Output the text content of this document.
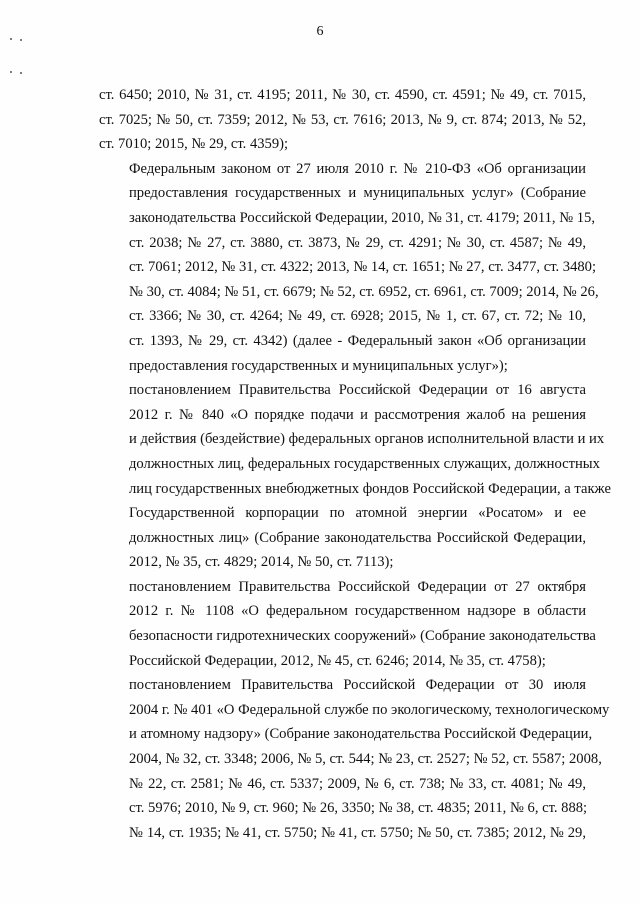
6

ст. 6450; 2010, № 31, ст. 4195; 2011, № 30, ст. 4590, ст. 4591; № 49, ст. 7015,
ст. 7025; № 50, ст. 7359; 2012, № 53, ст. 7616; 2013, № 9, ст. 874; 2013, № 52,
ст. 7010; 2015, № 29, ст. 4359);

Федеральным законом от 27 июля 2010 г. № 210-ФЗ «Об организации
предоставления государственных и муниципальных услуг» (Собрание
законодательства Российской Федерации, 2010, № 31, ст. 4179; 2011, № 15,
ст. 2038; № 27, ст. 3880, ст. 3873, № 29, ст. 4291; № 30, ст. 4587; № 49,
ст. 7061; 2012, № 31, ст. 4322; 2013, № 14, ст. 1651; № 27, ст. 3477, ст. 3480;
№ 30, ст. 4084; № 51, ст. 6679; № 52, ст. 6952, ст. 6961, ст. 7009; 2014, № 26,
ст. 3366; № 30, ст. 4264; № 49, ст. 6928; 2015, № 1, ст. 67, ст. 72; № 10,
ст. 1393, № 29, ст. 4342) (далее - Федеральный закон «Об организации
предоставления государственных и муниципальных услуг»);

постановлением Правительства Российской Федерации от 16 августа
2012 г. № 840 «О порядке подачи и рассмотрения жалоб на решения
и действия (бездействие) федеральных органов исполнительной власти и их
должностных лиц, федеральных государственных служащих, должностных
лиц государственных внебюджетных фондов Российской Федерации, а также
Государственной корпорации по атомной энергии «Росатом» и ее
должностных лиц» (Собрание законодательства Российской Федерации,
2012, № 35, ст. 4829; 2014, № 50, ст. 7113);

постановлением Правительства Российской Федерации от 27 октября
2012 г. № 1108 «О федеральном государственном надзоре в области
безопасности гидротехнических сооружений» (Собрание законодательства
Российской Федерации, 2012, № 45, ст. 6246; 2014, № 35, ст. 4758);

постановлением Правительства Российской Федерации от 30 июля
2004 г. № 401 «О Федеральной службе по экологическому, технологическому
и атомному надзору» (Собрание законодательства Российской Федерации,
2004, № 32, ст. 3348; 2006, № 5, ст. 544; № 23, ст. 2527; № 52, ст. 5587; 2008,
№ 22, ст. 2581; № 46, ст. 5337; 2009, № 6, ст. 738; № 33, ст. 4081; № 49,
ст. 5976; 2010, № 9, ст. 960; № 26, 3350; № 38, ст. 4835; 2011, № 6, ст. 888;
№ 14, ст. 1935; № 41, ст. 5750; № 41, ст. 5750; № 50, ст. 7385; 2012, № 29,
